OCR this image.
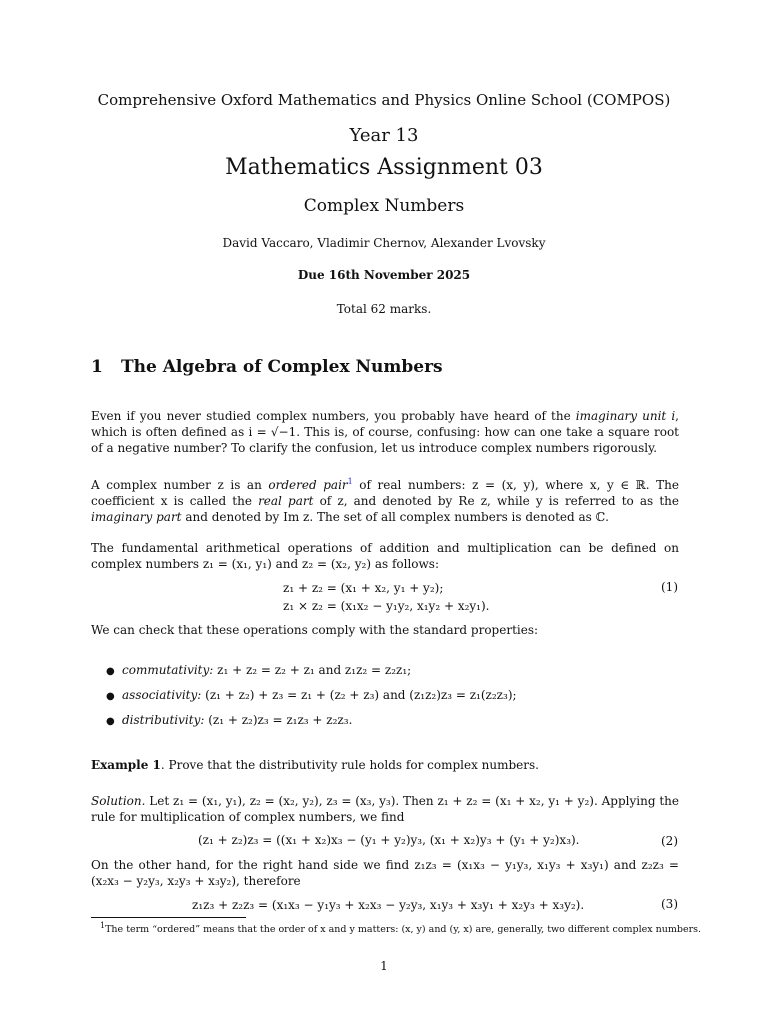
Comprehensive Oxford Mathematics and Physics Online School (COMPOS)
Year 13
Mathematics Assignment 03
Complex Numbers
David Vaccaro, Vladimir Chernov, Alexander Lvovsky
Due 16th November 2025
Total 62 marks.
1 The Algebra of Complex Numbers
Even if you never studied complex numbers, you probably have heard of the imaginary unit i, which is often defined as i = √−1. This is, of course, confusing: how can one take a square root of a negative number? To clarify the confusion, let us introduce complex numbers rigorously.
A complex number z is an ordered pair$^1$ of real numbers: z = (x, y), where x, y ∈ ℝ. The coefficient x is called the real part of z, and denoted by Re z, while y is referred to as the imaginary part and denoted by Im z. The set of all complex numbers is denoted as ℂ.
The fundamental arithmetical operations of addition and multiplication can be defined on complex numbers z₁ = (x₁, y₁) and z₂ = (x₂, y₂) as follows:
z₁ + z₂ = (x₁ + x₂, y₁ + y₂);
z₁ × z₂ = (x₁x₂ − y₁y₂, x₁y₂ + x₂y₁).
(1)
We can check that these operations comply with the standard properties:
● commutativity: z₁ + z₂ = z₂ + z₁ and z₁z₂ = z₂z₁;
● associativity: (z₁ + z₂) + z₃ = z₁ + (z₂ + z₃) and (z₁z₂)z₃ = z₁(z₂z₃);
● distributivity: (z₁ + z₂)z₃ = z₁z₃ + z₂z₃.
Example 1. Prove that the distributivity rule holds for complex numbers.
Solution. Let z₁ = (x₁, y₁), z₂ = (x₂, y₂), z₃ = (x₃, y₃). Then z₁ + z₂ = (x₁ + x₂, y₁ + y₂). Applying the rule for multiplication of complex numbers, we find
(z₁ + z₂)z₃ = ((x₁ + x₂)x₃ − (y₁ + y₂)y₃, (x₁ + x₂)y₃ + (y₁ + y₂)x₃).	(2)
On the other hand, for the right hand side we find z₁z₃ = (x₁x₃ − y₁y₃, x₁y₃ + x₃y₁) and z₂z₃ = (x₂x₃ − y₂y₃, x₂y₃ + x₃y₂), therefore
z₁z₃ + z₂z₃ = (x₁x₃ − y₁y₃ + x₂x₃ − y₂y₃, x₁y₃ + x₃y₁ + x₂y₃ + x₃y₂).	(3)
$^1$The term “ordered” means that the order of x and y matters: (x, y) and (y, x) are, generally, two different complex numbers.
1
